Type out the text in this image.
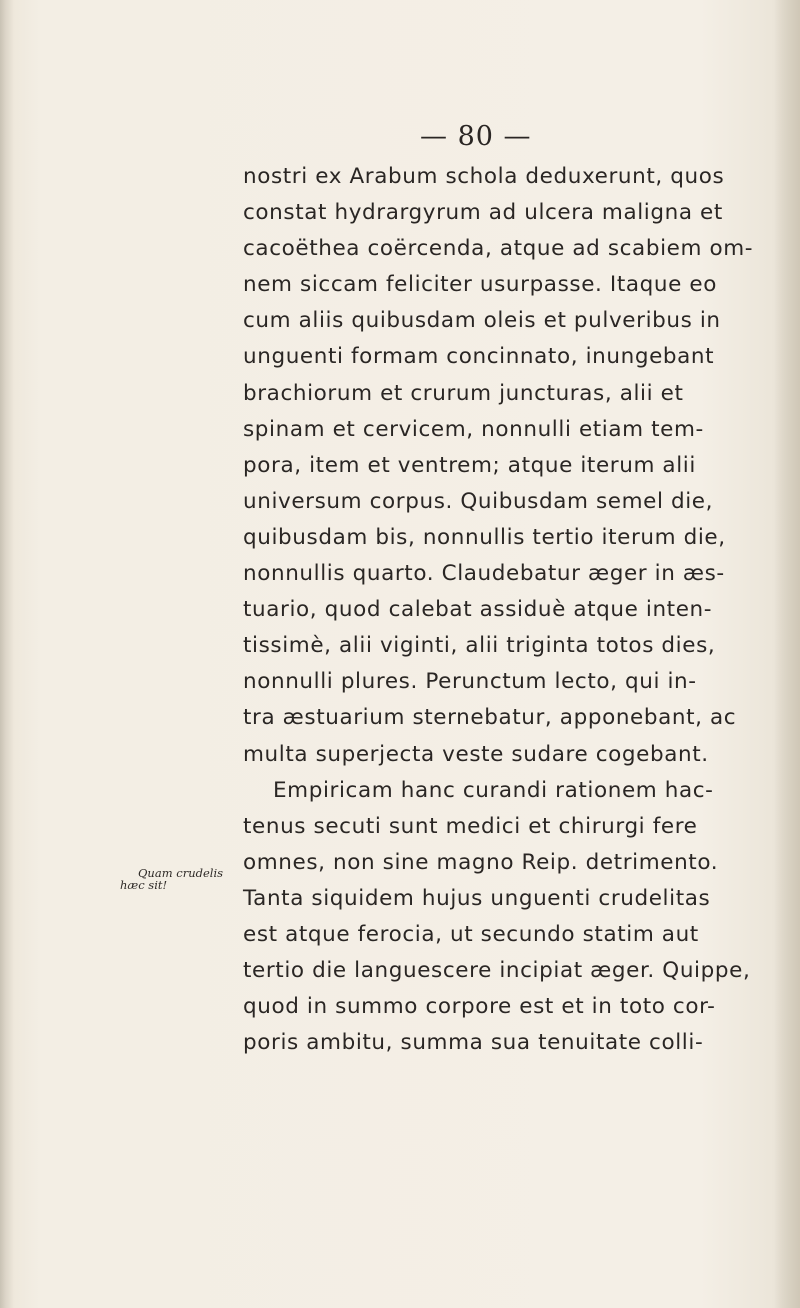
— 80 —
nostri ex Arabum schola deduxerunt, quos
constat hydrargyrum ad ulcera maligna et
cacoëthea coërcenda, atque ad scabiem om-
nem siccam feliciter usurpasse. Itaque eo
cum aliis quibusdam oleis et pulveribus in
unguenti formam concinnato, inungebant
brachiorum et crurum juncturas, alii et
spinam et cervicem, nonnulli etiam tem-
pora, item et ventrem; atque iterum alii
universum corpus. Quibusdam semel die,
quibusdam bis, nonnullis tertio iterum die,
nonnullis quarto. Claudebatur æger in æs-
tuario, quod calebat assiduè atque inten-
tissimè, alii viginti, alii triginta totos dies,
nonnulli plures. Perunctum lecto, qui in-
tra æstuarium sternebatur, apponebant, ac
multa superjecta veste sudare cogebant.
Empiricam hanc curandi rationem hac-
tenus secuti sunt medici et chirurgi fere
omnes, non sine magno Reip. detrimento.
Tanta siquidem hujus unguenti crudelitas
est atque ferocia, ut secundo statim aut
tertio die languescere incipiat æger. Quippe,
quod in summo corpore est et in toto cor-
poris ambitu, summa sua tenuitate colli-
Quam crudelis
hæc sit!
